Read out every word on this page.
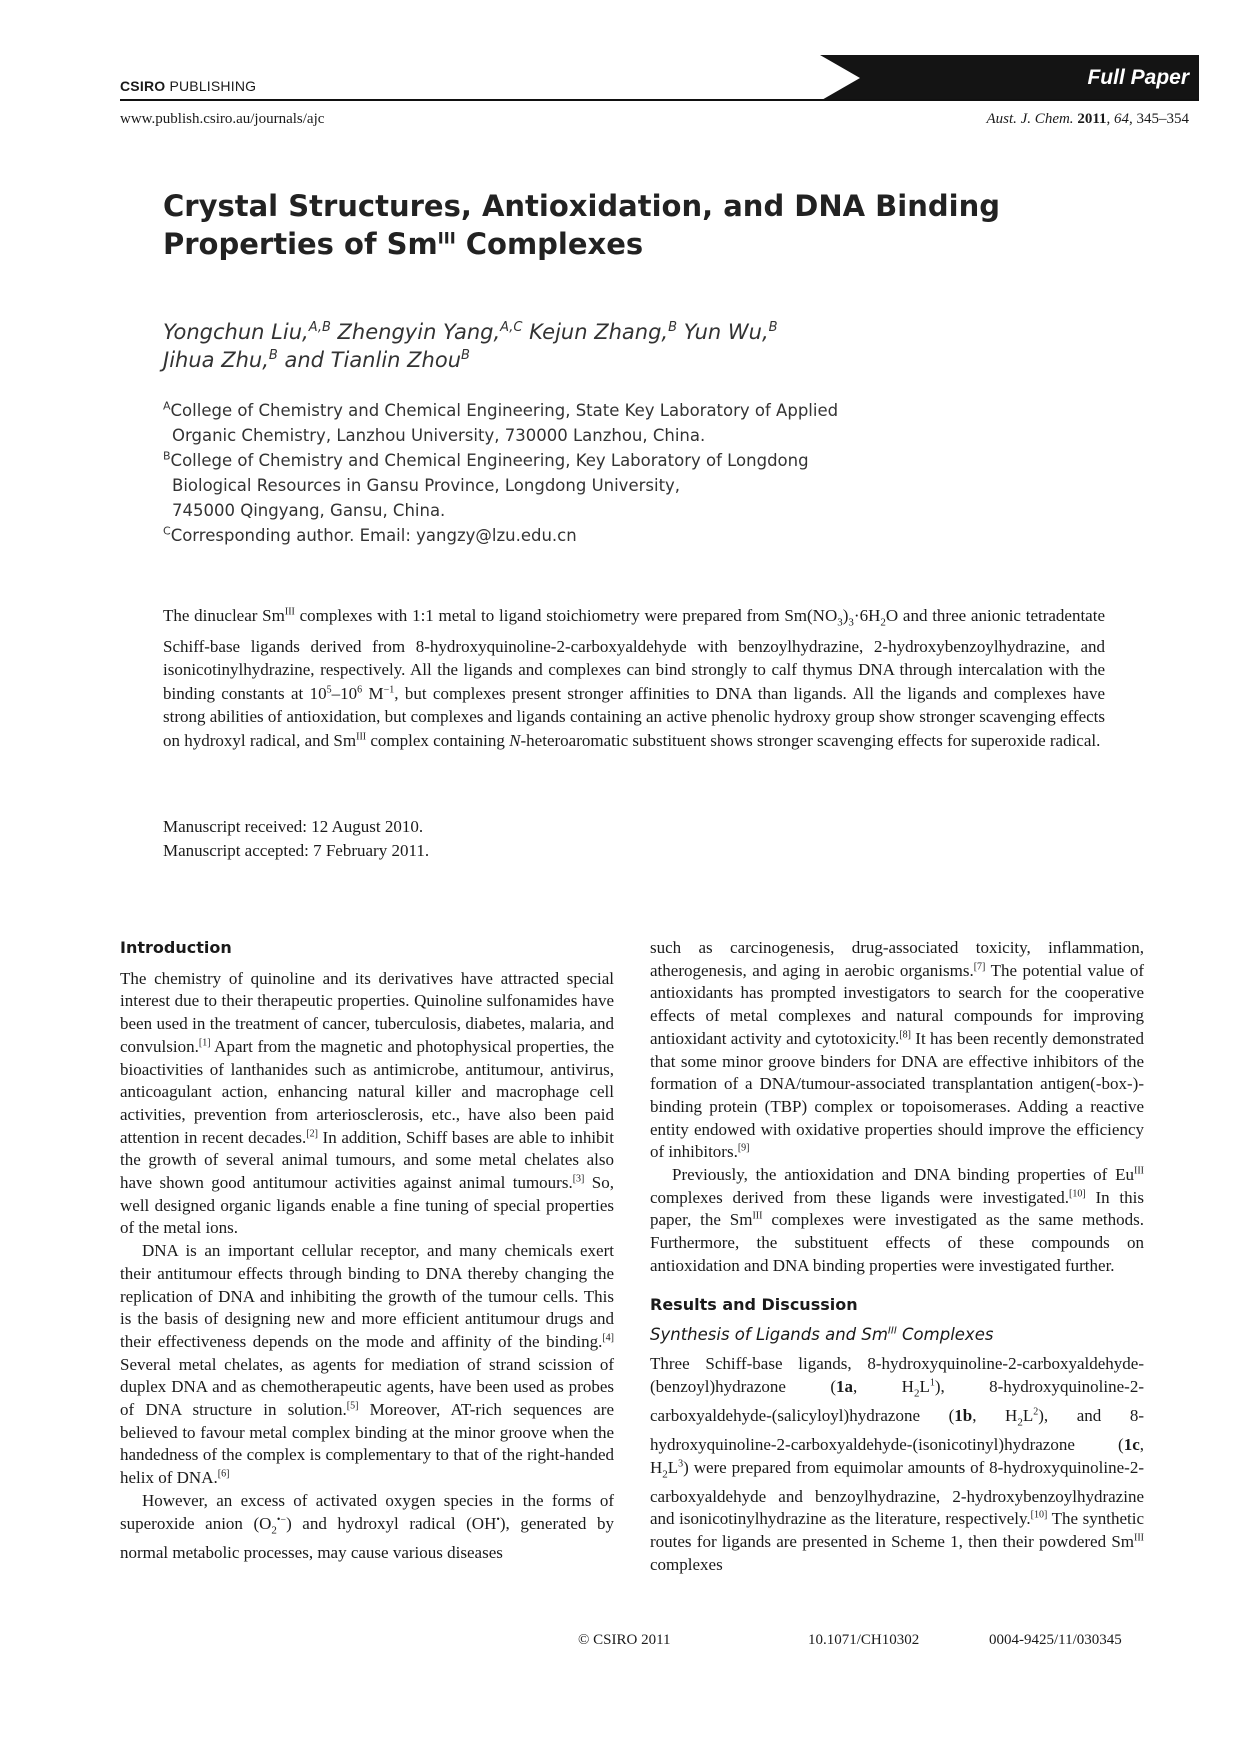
CSIRO PUBLISHING	Full Paper
www.publish.csiro.au/journals/ajc	Aust. J. Chem. 2011, 64, 345–354
Crystal Structures, Antioxidation, and DNA Binding
Properties of $Sm^{III}$ Complexes
Yongchun Liu,$^{A,B}$ Zhengyin Yang,$^{A,C}$ Kejun Zhang,$^B$ Yun Wu,$^B$
Jihua Zhu,$^B$ and Tianlin Zhou$^B$
$^A$College of Chemistry and Chemical Engineering, State Key Laboratory of Applied
Organic Chemistry, Lanzhou University, 730000 Lanzhou, China.
$^B$College of Chemistry and Chemical Engineering, Key Laboratory of Longdong
Biological Resources in Gansu Province, Longdong University,
745000 Qingyang, Gansu, China.
$^C$Corresponding author. Email: yangzy@lzu.edu.cn
The dinuclear $Sm^{III}$ complexes with 1:1 metal to ligand stoichiometry were prepared from $Sm(NO_3)_3\cdot 6H_2O$ and three anionic tetradentate Schiff-base ligands derived from 8-hydroxyquinoline-2-carboxyaldehyde with benzoylhydrazine, 2-hydroxybenzoylhydrazine, and isonicotinylhydrazine, respectively. All the ligands and complexes can bind strongly to calf thymus DNA through intercalation with the binding constants at $10^5-10^6$ $M^{-1}$, but complexes present stronger affinities to DNA than ligands. All the ligands and complexes have strong abilities of antioxidation, but complexes and ligands containing an active phenolic hydroxy group show stronger scavenging effects on hydroxyl radical, and $Sm^{III}$ complex containing N-heteroaromatic substituent shows stronger scavenging effects for superoxide radical.
Manuscript received: 12 August 2010.
Manuscript accepted: 7 February 2011.
Introduction

The chemistry of quinoline and its derivatives have attracted special interest due to their therapeutic properties. Quinoline sulfonamides have been used in the treatment of cancer, tuberculosis, diabetes, malaria, and convulsion.[1] Apart from the magnetic and photophysical properties, the bioactivities of lanthanides such as antimicrobe, antitumour, antivirus, anticoagulant action, enhancing natural killer and macrophage cell activities, prevention from arteriosclerosis, etc., have also been paid attention in recent decades.[2] In addition, Schiff bases are able to inhibit the growth of several animal tumours, and some metal chelates also have shown good antitumour activities against animal tumours.[3] So, well designed organic ligands enable a fine tuning of special properties of the metal ions.

DNA is an important cellular receptor, and many chemicals exert their antitumour effects through binding to DNA thereby changing the replication of DNA and inhibiting the growth of the tumour cells. This is the basis of designing new and more efficient antitumour drugs and their effectiveness depends on the mode and affinity of the binding.[4] Several metal chelates, as agents for mediation of strand scission of duplex DNA and as chemotherapeutic agents, have been used as probes of DNA structure in solution.[5] Moreover, AT-rich sequences are believed to favour metal complex binding at the minor groove when the handedness of the complex is complementary to that of the right-handed helix of DNA.[6]

However, an excess of activated oxygen species in the forms of superoxide anion $(O_2^{•-})$ and hydroxyl radical (OH•), generated by normal metabolic processes, may cause various diseases

such as carcinogenesis, drug-associated toxicity, inflammation, atherogenesis, and aging in aerobic organisms.[7] The potential value of antioxidants has prompted investigators to search for the cooperative effects of metal complexes and natural compounds for improving antioxidant activity and cytotoxicity.[8] It has been recently demonstrated that some minor groove binders for DNA are effective inhibitors of the formation of a DNA/tumour-associated transplantation antigen(-box-)-binding protein (TBP) complex or topoisomerases. Adding a reactive entity endowed with oxidative properties should improve the efficiency of inhibitors.[9]

Previously, the antioxidation and DNA binding properties of $Eu^{III}$ complexes derived from these ligands were investigated.[10] In this paper, the $Sm^{III}$ complexes were investigated as the same methods. Furthermore, the substituent effects of these compounds on antioxidation and DNA binding properties were investigated further.

Results and Discussion
Synthesis of Ligands and $Sm^{III}$ Complexes

Three Schiff-base ligands, 8-hydroxyquinoline-2-carboxyaldehyde-(benzoyl)hydrazone (1a, $H_2L^1$), 8-hydroxyquinoline-2-carboxyaldehyde-(salicyloyl)hydrazone (1b, $H_2L^2$), and 8-hydroxyquinoline-2-carboxyaldehyde-(isonicotinyl)hydrazone (1c, $H_2L^3$) were prepared from equimolar amounts of 8-hydroxyquinoline-2-carboxyaldehyde and benzoylhydrazine, 2-hydroxybenzoylhydrazine and isonicotinylhydrazine as the literature, respectively.[10] The synthetic routes for ligands are presented in Scheme 1, then their powdered $Sm^{III}$ complexes

© CSIRO 2011	10.1071/CH10302	0004-9425/11/030345
